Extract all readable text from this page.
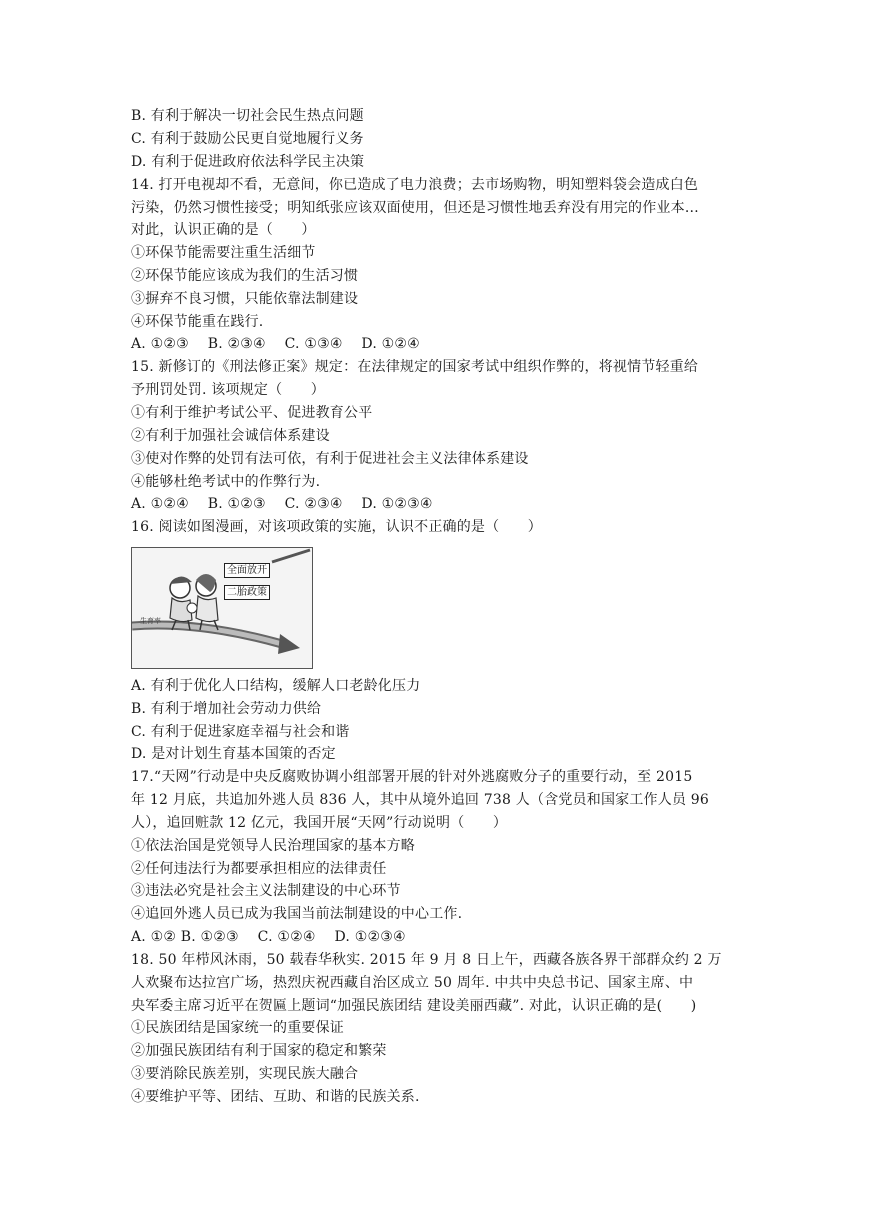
B. 有利于解决一切社会民生热点问题
C. 有利于鼓励公民更自觉地履行义务
D. 有利于促进政府依法科学民主决策
14. 打开电视却不看，无意间，你已造成了电力浪费；去市场购物，明知塑料袋会造成白色
污染，仍然习惯性接受；明知纸张应该双面使用，但还是习惯性地丢弃没有用完的作业本…
对此，认识正确的是（　　）
①环保节能需要注重生活细节
②环保节能应该成为我们的生活习惯
③摒弃不良习惯，只能依靠法制建设
④环保节能重在践行.
A. ①②③　 B. ②③④　 C. ①③④　 D. ①②④
15. 新修订的《刑法修正案》规定：在法律规定的国家考试中组织作弊的，将视情节轻重给
予刑罚处罚. 该项规定（　　）
①有利于维护考试公平、促进教育公平
②有利于加强社会诚信体系建设
③使对作弊的处罚有法可依，有利于促进社会主义法律体系建设
④能够杜绝考试中的作弊行为.
A. ①②④　 B. ①②③　 C. ②③④　 D. ①②③④
16. 阅读如图漫画，对该项政策的实施，认识不正确的是（　　）
全面放开
二胎政策
生育率
A. 有利于优化人口结构，缓解人口老龄化压力
B. 有利于增加社会劳动力供给
C. 有利于促进家庭幸福与社会和谐
D. 是对计划生育基本国策的否定
17.“天网”行动是中央反腐败协调小组部署开展的针对外逃腐败分子的重要行动，至 2015
年 12 月底，共追加外逃人员 836 人，其中从境外追回 738 人（含党员和国家工作人员 96
人），追回赃款 12 亿元，我国开展“天网”行动说明（　　）
①依法治国是党领导人民治理国家的基本方略
②任何违法行为都要承担相应的法律责任
③违法必究是社会主义法制建设的中心环节
④追回外逃人员已成为我国当前法制建设的中心工作.
A. ①② B. ①②③　 C. ①②④　 D. ①②③④
18. 50 年栉风沐雨，50 载春华秋实. 2015 年 9 月 8 日上午，西藏各族各界干部群众约 2 万
人欢聚布达拉宫广场，热烈庆祝西藏自治区成立 50 周年. 中共中央总书记、国家主席、中
央军委主席习近平在贺匾上题词“加强民族团结 建设美丽西藏”. 对此，认识正确的是(　　)
①民族团结是国家统一的重要保证
②加强民族团结有利于国家的稳定和繁荣
③要消除民族差别，实现民族大融合
④要维护平等、团结、互助、和谐的民族关系.
